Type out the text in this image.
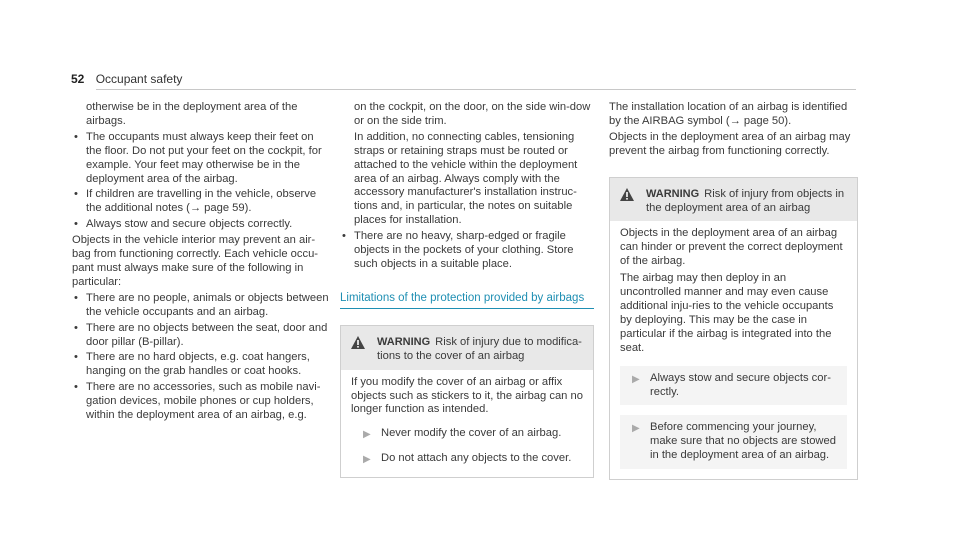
52 Occupant safety

otherwise be in the deployment area of the airbags.

• The occupants must always keep their feet on the floor. Do not put your feet on the cockpit, for example. Your feet may otherwise be in the deployment area of the airbag.
• If children are travelling in the vehicle, observe the additional notes (→ page 59).
• Always stow and secure objects correctly.

Objects in the vehicle interior may prevent an air-bag from functioning correctly. Each vehicle occu-pant must always make sure of the following in particular:

• There are no people, animals or objects between the vehicle occupants and an airbag.
• There are no objects between the seat, door and door pillar (B-pillar).
• There are no hard objects, e.g. coat hangers, hanging on the grab handles or coat hooks.
• There are no accessories, such as mobile navi-gation devices, mobile phones or cup holders, within the deployment area of an airbag, e.g.

on the cockpit, on the door, on the side win-dow or on the side trim.

In addition, no connecting cables, tensioning straps or retaining straps must be routed or attached to the vehicle within the deployment area of an airbag. Always comply with the accessory manufacturer's installation instruc-tions and, in particular, the notes on suitable places for installation.

• There are no heavy, sharp-edged or fragile objects in the pockets of your clothing. Store such objects in a suitable place.
Limitations of the protection provided by airbags
WARNING Risk of injury due to modifica-tions to the cover of an airbag

If you modify the cover of an airbag or affix objects such as stickers to it, the airbag can no longer function as intended.

▶ Never modify the cover of an airbag.
▶ Do not attach any objects to the cover.

The installation location of an airbag is identified by the AIRBAG symbol (→ page 50).

Objects in the deployment area of an airbag may prevent the airbag from functioning correctly.

WARNING Risk of injury from objects in the deployment area of an airbag

Objects in the deployment area of an airbag can hinder or prevent the correct deployment of the airbag.

The airbag may then deploy in an uncontrolled manner and may even cause additional inju-ries to the vehicle occupants by deploying. This may be the case in particular if the airbag is integrated into the seat.

▶ Always stow and secure objects cor-rectly.
▶ Before commencing your journey, make sure that no objects are stowed in the deployment area of an airbag.
